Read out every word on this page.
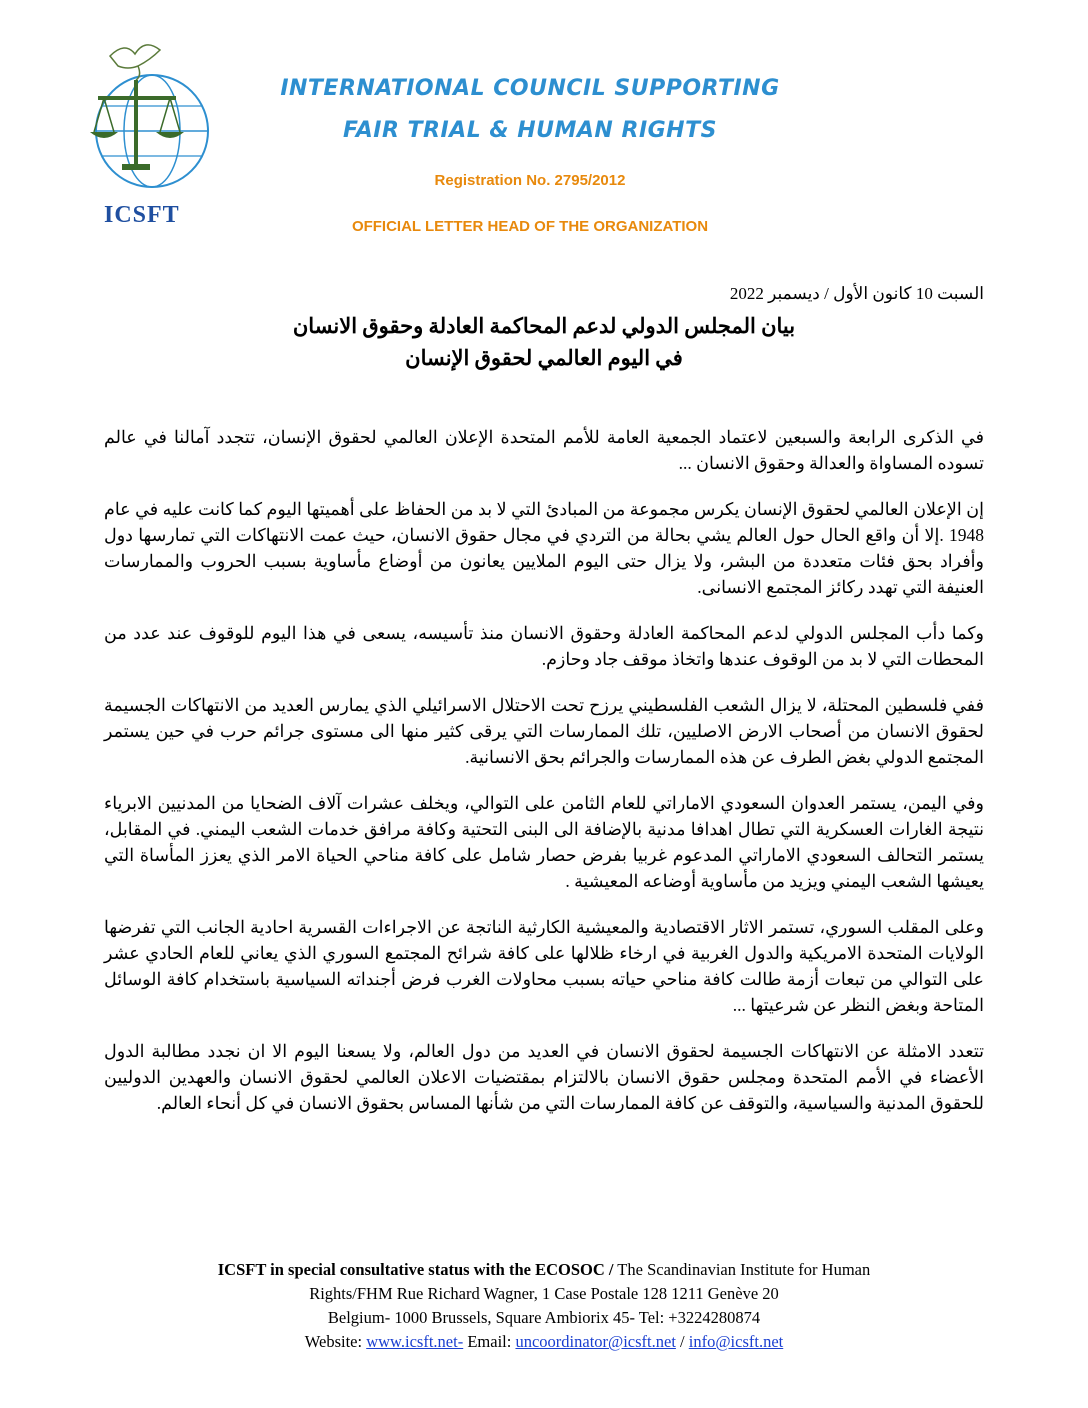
ICSFT
INTERNATIONAL COUNCIL SUPPORTING
FAIR TRIAL & HUMAN RIGHTS
Registration No. 2795/2012
OFFICIAL LETTER HEAD OF THE ORGANIZATION
السبت 10 كانون الأول / ديسمبر 2022
بيان المجلس الدولي لدعم المحاكمة العادلة وحقوق الانسان
في اليوم العالمي لحقوق الإنسان

في الذكرى الرابعة والسبعين لاعتماد الجمعية العامة للأمم المتحدة الإعلان العالمي لحقوق الإنسان، تتجدد آمالنا في عالم تسوده المساواة والعدالة وحقوق الانسان ...

إن الإعلان العالمي لحقوق الإنسان يكرس مجموعة من المبادئ التي لا بد من الحفاظ على أهميتها اليوم كما كانت عليه في عام 1948 .إلا أن واقع الحال حول العالم يشي بحالة من التردي في مجال حقوق الانسان، حيث عمت الانتهاكات التي تمارسها دول وأفراد بحق فئات متعددة من البشر، ولا يزال حتى اليوم الملايين يعانون من أوضاع مأساوية بسبب الحروب والممارسات العنيفة التي تهدد ركائز المجتمع الانسانى.

وكما دأب المجلس الدولي لدعم المحاكمة العادلة وحقوق الانسان منذ تأسيسه، يسعى في هذا اليوم للوقوف عند عدد من المحطات التي لا بد من الوقوف عندها واتخاذ موقف جاد وحازم.

ففي فلسطين المحتلة، لا يزال الشعب الفلسطيني يرزح تحت الاحتلال الاسرائيلي الذي يمارس العديد من الانتهاكات الجسيمة لحقوق الانسان من أصحاب الارض الاصليين، تلك الممارسات التي يرقى كثير منها الى مستوى جرائم حرب في حين يستمر المجتمع الدولي بغض الطرف عن هذه الممارسات والجرائم بحق الانسانية.

وفي اليمن، يستمر العدوان السعودي الاماراتي للعام الثامن على التوالي، ويخلف عشرات آلاف الضحايا من المدنيين الابرياء نتيجة الغارات العسكرية التي تطال اهدافا مدنية بالإضافة الى البنى التحتية وكافة مرافق خدمات الشعب اليمني. في المقابل، يستمر التحالف السعودي الاماراتي المدعوم غربيا بفرض حصار شامل على كافة مناحي الحياة الامر الذي يعزز المأساة التي يعيشها الشعب اليمني ويزيد من مأساوية أوضاعه المعيشية .

وعلى المقلب السوري، تستمر الاثار الاقتصادية والمعيشية الكارثية الناتجة عن الاجراءات القسرية احادية الجانب التي تفرضها الولايات المتحدة الامريكية والدول الغربية في ارخاء ظلالها على كافة شرائح المجتمع السوري الذي يعاني للعام الحادي عشر على التوالي من تبعات أزمة طالت كافة مناحي حياته بسبب محاولات الغرب فرض أجنداته السياسية باستخدام كافة الوسائل المتاحة وبغض النظر عن شرعيتها ...

تتعدد الامثلة عن الانتهاكات الجسيمة لحقوق الانسان في العديد من دول العالم، ولا يسعنا اليوم الا ان نجدد مطالبة الدول الأعضاء في الأمم المتحدة ومجلس حقوق الانسان بالالتزام بمقتضيات الاعلان العالمي لحقوق الانسان والعهدين الدوليين للحقوق المدنية والسياسية، والتوقف عن كافة الممارسات التي من شأنها المساس بحقوق الانسان في كل أنحاء العالم.

ICSFT in special consultative status with the ECOSOC / The Scandinavian Institute for Human
Rights/FHM Rue Richard Wagner, 1 Case Postale 128 1211 Genève 20
Belgium- 1000 Brussels, Square Ambiorix 45- Tel: +3224280874
Website: www.icsft.net- Email: uncoordinator@icsft.net / info@icsft.net
